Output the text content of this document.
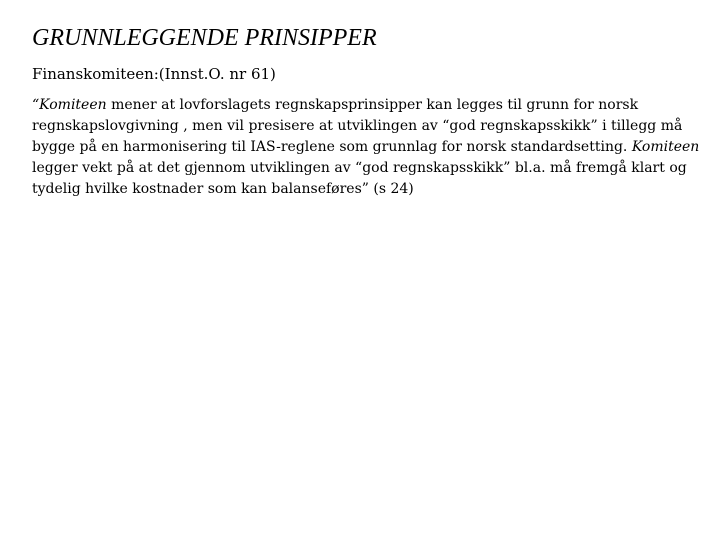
GRUNNLEGGENDE PRINSIPPER

Finanskomiteen:(Innst.O. nr 61)

“Komiteen mener at lovforslagets regnskapsprinsipper kan legges til grunn for norsk
regnskapslovgivning , men vil presisere at utviklingen av “god regnskapsskikk” i tillegg må
bygge på en harmonisering til IAS-reglene som grunnlag for norsk standardsetting. Komiteen
legger vekt på at det gjennom utviklingen av “god regnskapsskikk” bl.a. må fremgå klart og
tydelig hvilke kostnader som kan balanseføres” (s 24)
